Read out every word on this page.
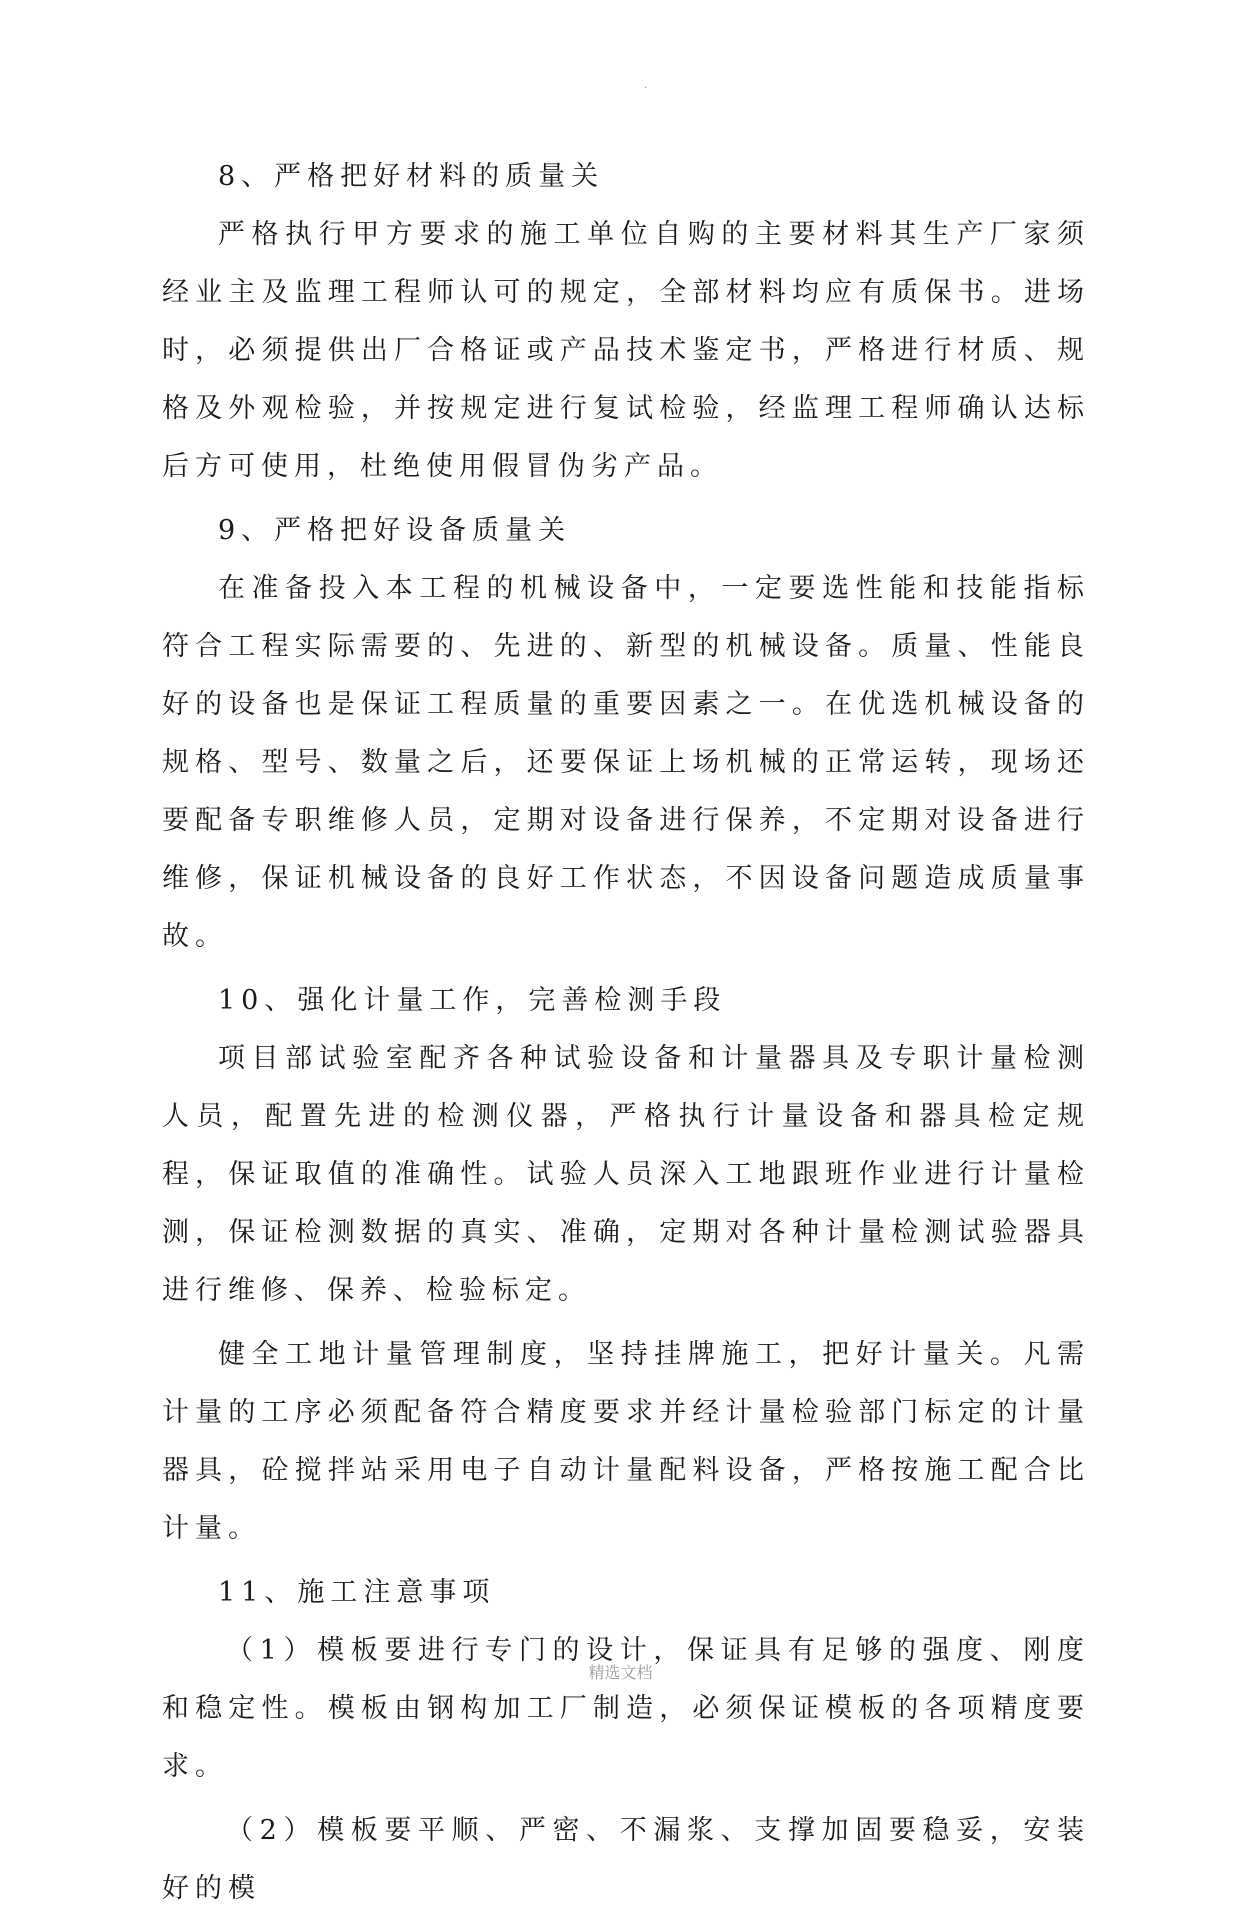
.
8、严格把好材料的质量关

严格执行甲方要求的施工单位自购的主要材料其生产厂家须经业主及监理工程师认可的规定，全部材料均应有质保书。进场时，必须提供出厂合格证或产品技术鉴定书，严格进行材质、规格及外观检验，并按规定进行复试检验，经监理工程师确认达标后方可使用，杜绝使用假冒伪劣产品。

9、严格把好设备质量关

在准备投入本工程的机械设备中，一定要选性能和技能指标符合工程实际需要的、先进的、新型的机械设备。质量、性能良好的设备也是保证工程质量的重要因素之一。在优选机械设备的规格、型号、数量之后，还要保证上场机械的正常运转，现场还要配备专职维修人员，定期对设备进行保养，不定期对设备进行维修，保证机械设备的良好工作状态，不因设备问题造成质量事故。

10、强化计量工作，完善检测手段

项目部试验室配齐各种试验设备和计量器具及专职计量检测人员，配置先进的检测仪器，严格执行计量设备和器具检定规程，保证取值的准确性。试验人员深入工地跟班作业进行计量检测，保证检测数据的真实、准确，定期对各种计量检测试验器具进行维修、保养、检验标定。

健全工地计量管理制度，坚持挂牌施工，把好计量关。凡需计量的工序必须配备符合精度要求并经计量检验部门标定的计量器具，砼搅拌站采用电子自动计量配料设备，严格按施工配合比计量。

11、施工注意事项

（1）模板要进行专门的设计，保证具有足够的强度、刚度和稳定性。模板由钢构加工厂制造，必须保证模板的各项精度要求。

（2）模板要平顺、严密、不漏浆、支撑加固要稳妥，安装好的模

精选文档
